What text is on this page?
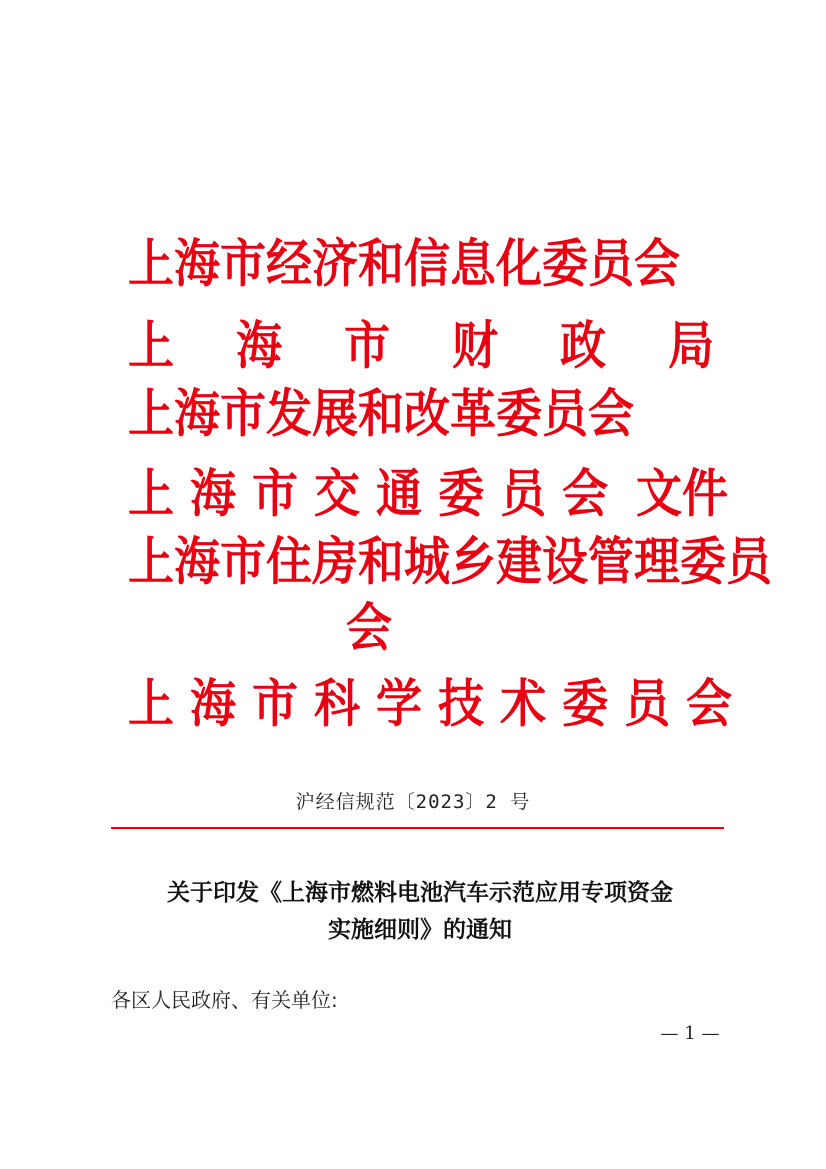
上海市经济和信息化委员会
上　 海　 市　 财　 政　 局
上海市发展和改革委员会
上 海 市 交 通 委 员 会 文件
上海市住房和城乡建设管理委员
会
上 海 市 科 学 技 术 委 员 会
沪经信规范〔2023〕2 号
关于印发《上海市燃料电池汽车示范应用专项资金
实施细则》的通知
各区人民政府、有关单位:
— 1 —
